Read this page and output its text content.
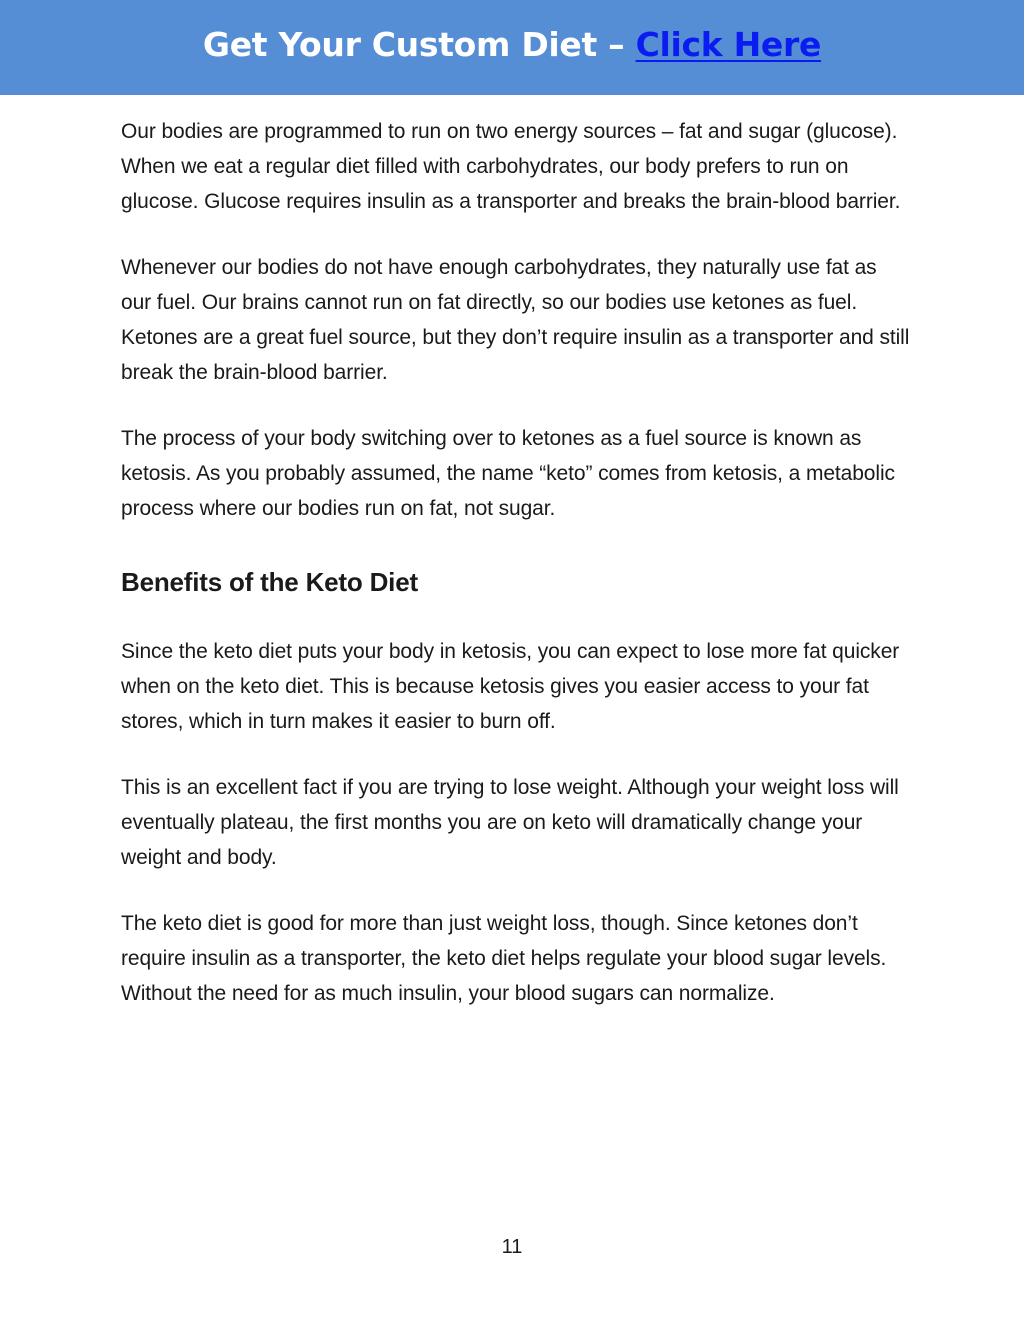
Get Your Custom Diet – Click Here

Our bodies are programmed to run on two energy sources – fat and sugar (glucose). When we eat a regular diet filled with carbohydrates, our body prefers to run on glucose. Glucose requires insulin as a transporter and breaks the brain-blood barrier.

Whenever our bodies do not have enough carbohydrates, they naturally use fat as our fuel. Our brains cannot run on fat directly, so our bodies use ketones as fuel. Ketones are a great fuel source, but they don’t require insulin as a transporter and still break the brain-blood barrier.

The process of your body switching over to ketones as a fuel source is known as ketosis. As you probably assumed, the name “keto” comes from ketosis, a metabolic process where our bodies run on fat, not sugar.

Benefits of the Keto Diet

Since the keto diet puts your body in ketosis, you can expect to lose more fat quicker when on the keto diet. This is because ketosis gives you easier access to your fat stores, which in turn makes it easier to burn off.

This is an excellent fact if you are trying to lose weight. Although your weight loss will eventually plateau, the first months you are on keto will dramatically change your weight and body.

The keto diet is good for more than just weight loss, though. Since ketones don’t require insulin as a transporter, the keto diet helps regulate your blood sugar levels. Without the need for as much insulin, your blood sugars can normalize.

11
